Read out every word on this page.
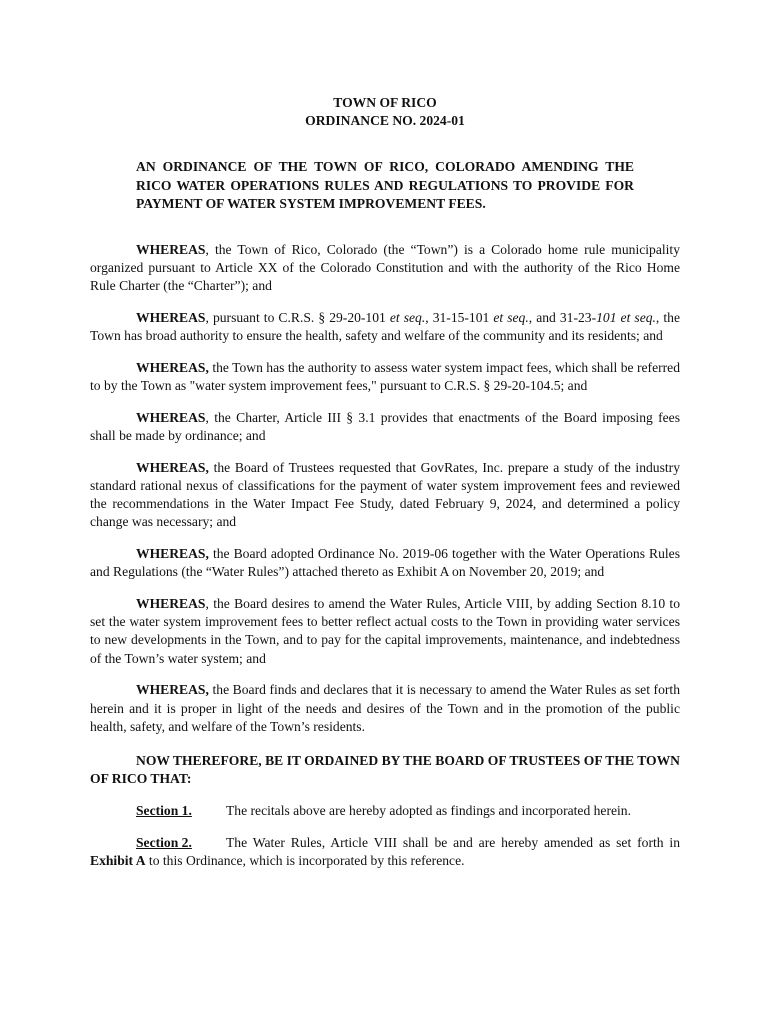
TOWN OF RICO
ORDINANCE NO. 2024-01
AN ORDINANCE OF THE TOWN OF RICO, COLORADO AMENDING THE RICO WATER OPERATIONS RULES AND REGULATIONS TO PROVIDE FOR PAYMENT OF WATER SYSTEM IMPROVEMENT FEES.

WHEREAS, the Town of Rico, Colorado (the “Town”) is a Colorado home rule municipality organized pursuant to Article XX of the Colorado Constitution and with the authority of the Rico Home Rule Charter (the “Charter”); and

WHEREAS, pursuant to C.R.S. § 29-20-101 et seq., 31-15-101 et seq., and 31-23-101 et seq., the Town has broad authority to ensure the health, safety and welfare of the community and its residents; and

WHEREAS, the Town has the authority to assess water system impact fees, which shall be referred to by the Town as "water system improvement fees," pursuant to C.R.S. § 29-20-104.5; and

WHEREAS, the Charter, Article III § 3.1 provides that enactments of the Board imposing fees shall be made by ordinance; and

WHEREAS, the Board of Trustees requested that GovRates, Inc. prepare a study of the industry standard rational nexus of classifications for the payment of water system improvement fees and reviewed the recommendations in the Water Impact Fee Study, dated February 9, 2024, and determined a policy change was necessary; and

WHEREAS, the Board adopted Ordinance No. 2019-06 together with the Water Operations Rules and Regulations (the “Water Rules”) attached thereto as Exhibit A on November 20, 2019; and

WHEREAS, the Board desires to amend the Water Rules, Article VIII, by adding Section 8.10 to set the water system improvement fees to better reflect actual costs to the Town in providing water services to new developments in the Town, and to pay for the capital improvements, maintenance, and indebtedness of the Town’s water system; and

WHEREAS, the Board finds and declares that it is necessary to amend the Water Rules as set forth herein and it is proper in light of the needs and desires of the Town and in the promotion of the public health, safety, and welfare of the Town’s residents.

NOW THEREFORE, BE IT ORDAINED BY THE BOARD OF TRUSTEES OF THE TOWN OF RICO THAT:

Section 1.	The recitals above are hereby adopted as findings and incorporated herein.

Section 2.	The Water Rules, Article VIII shall be and are hereby amended as set forth in Exhibit A to this Ordinance, which is incorporated by this reference.
